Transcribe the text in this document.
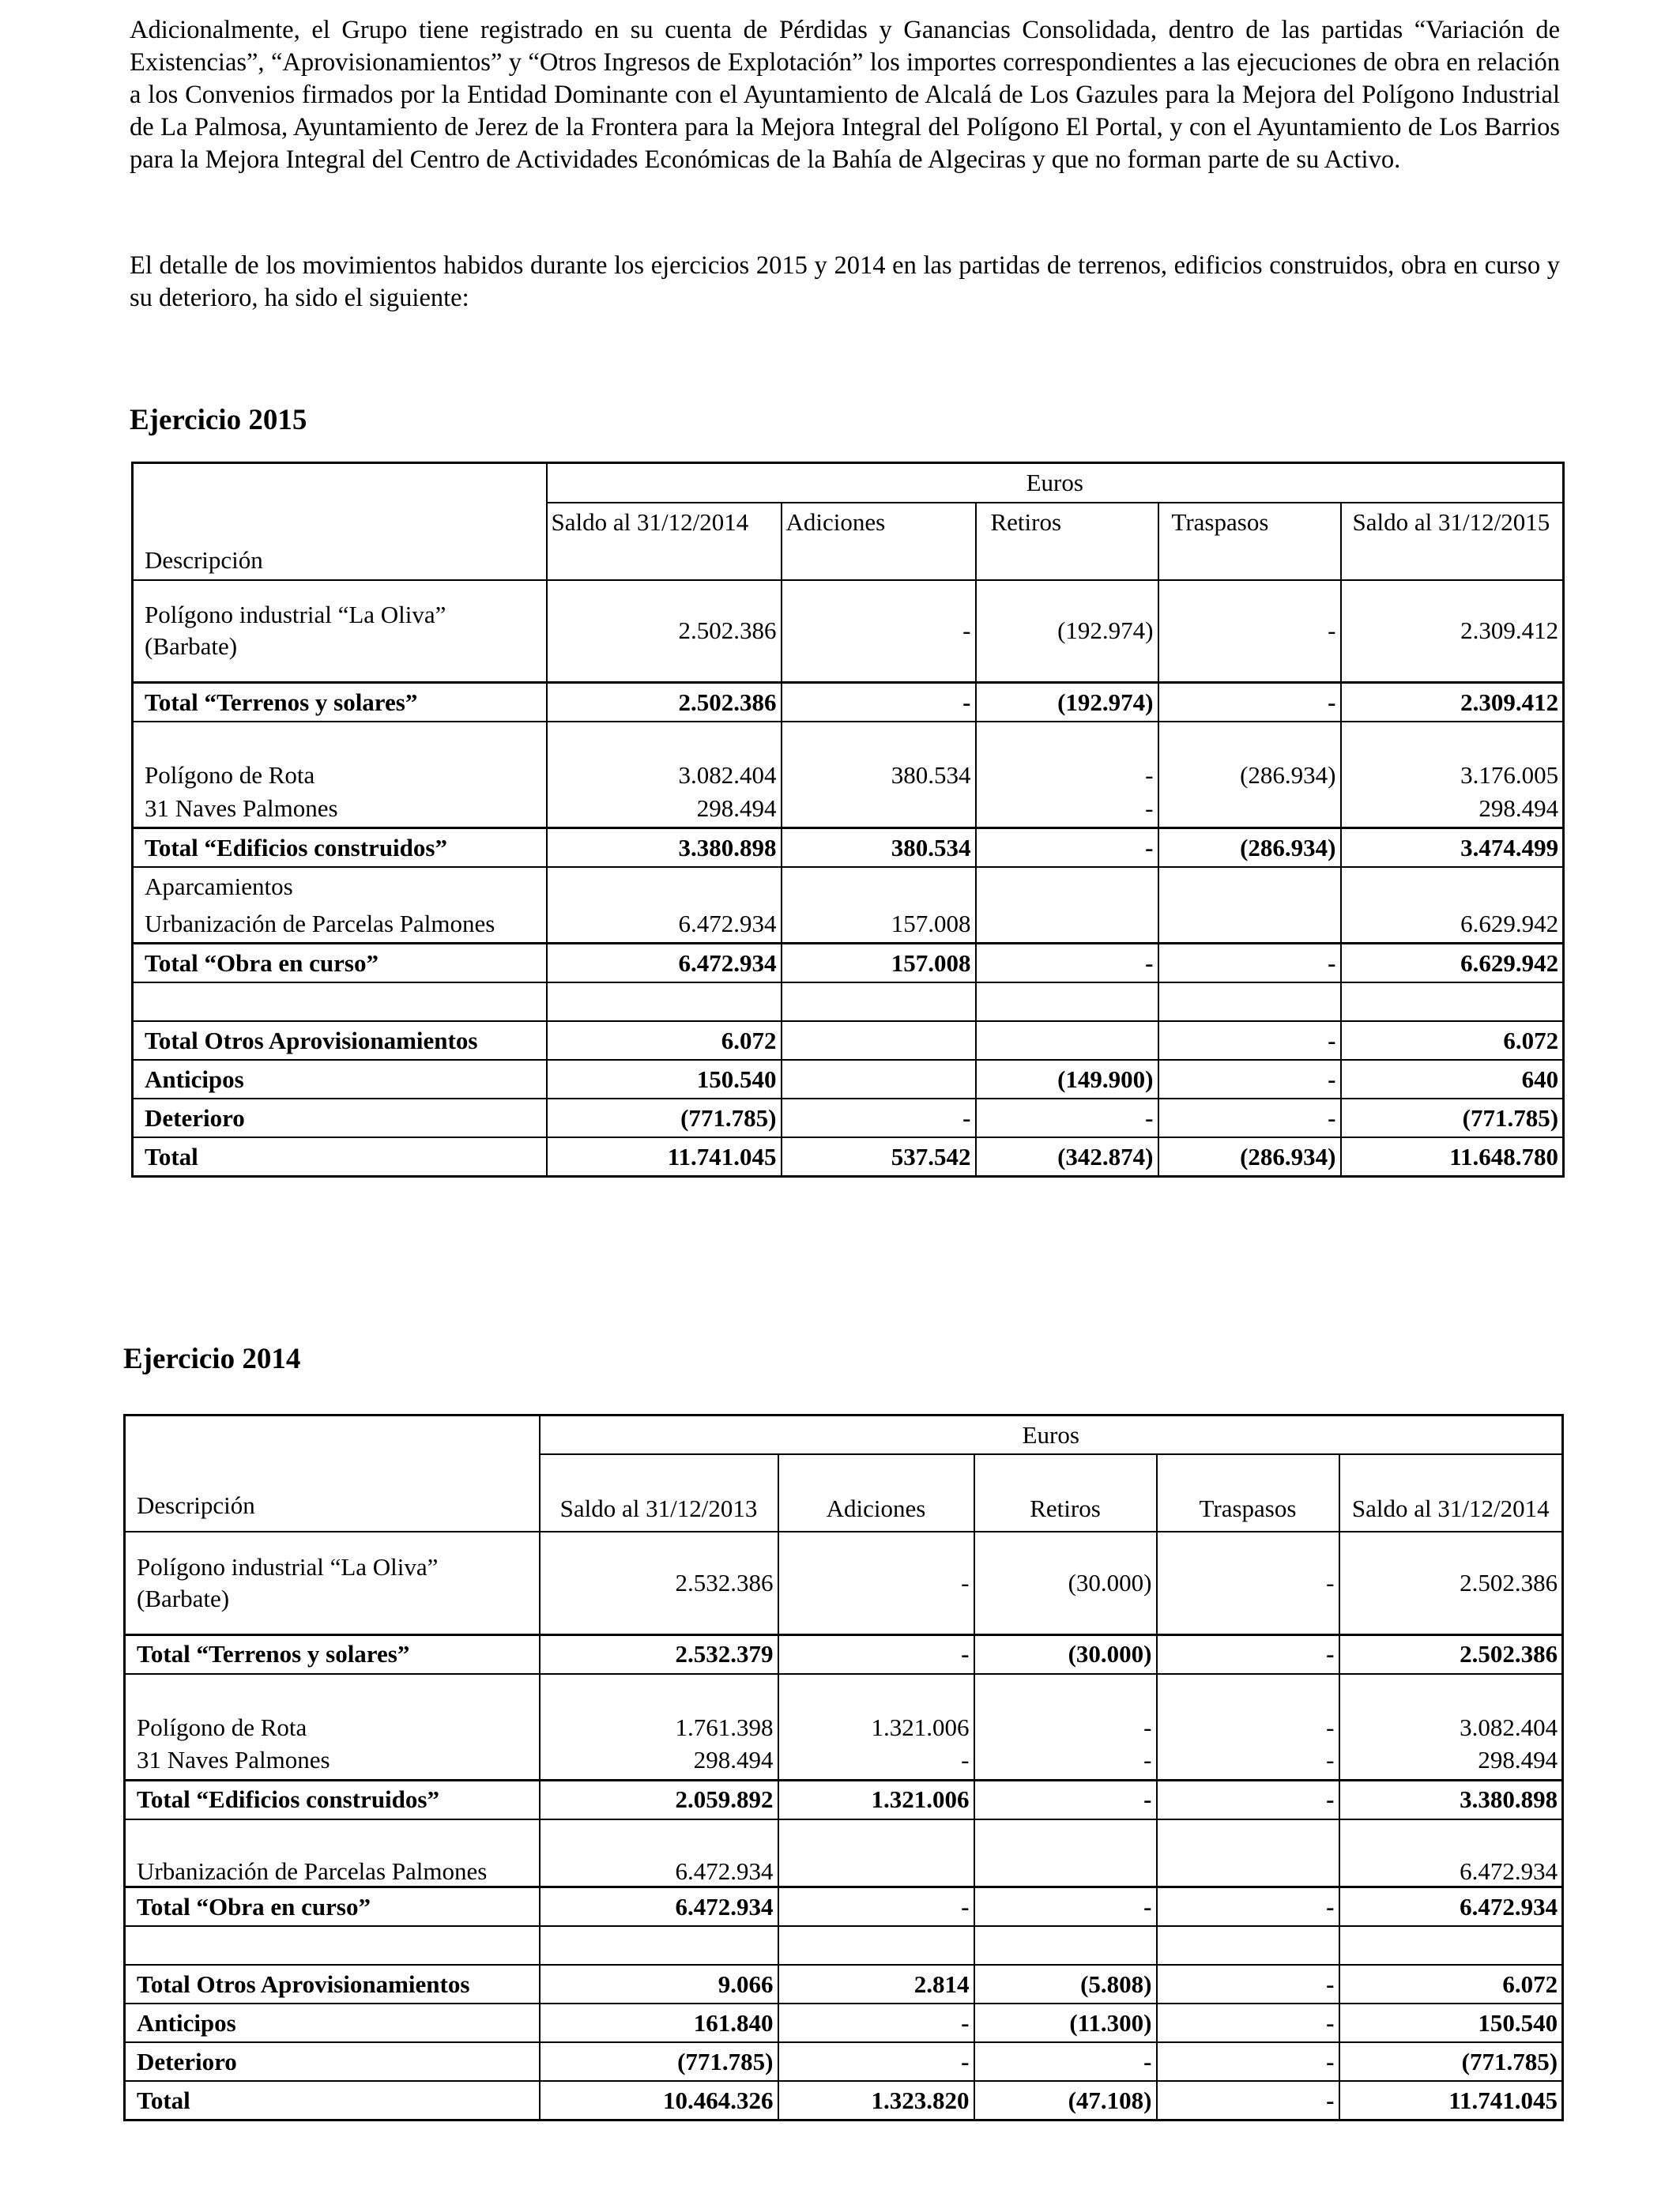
Adicionalmente, el Grupo tiene registrado en su cuenta de Pérdidas y Ganancias Consolidada, dentro de las partidas “Variación de Existencias”, “Aprovisionamientos” y “Otros Ingresos de Explotación” los importes correspondientes a las ejecuciones de obra en relación a los Convenios firmados por la Entidad Dominante con el Ayuntamiento de Alcalá de Los Gazules para la Mejora del Polígono Industrial de La Palmosa, Ayuntamiento de Jerez de la Frontera para la Mejora Integral del Polígono El Portal, y con el Ayuntamiento de Los Barrios para la Mejora Integral del Centro de Actividades Económicas de la Bahía de Algeciras y que no forman parte de su Activo.

El detalle de los movimientos habidos durante los ejercicios 2015 y 2014 en las partidas de terrenos, edificios construidos, obra en curso y su deterioro, ha sido el siguiente:

Ejercicio 2015
Descripción	Euros				
	Saldo al 31/12/2014	Adiciones	Retiros	Traspasos	Saldo al 31/12/2015
Polígono industrial “La Oliva” (Barbate)	2.502.386	-	(192.974)	-	2.309.412
Total “Terrenos y solares”	2.502.386	-	(192.974)	-	2.309.412
Polígono de Rota	3.082.404	380.534	-	(286.934)	3.176.005
31 Naves Palmones	298.494		-		298.494
Total “Edificios construidos”	3.380.898	380.534	-	(286.934)	3.474.499
Aparcamientos					
Urbanización de Parcelas Palmones	6.472.934	157.008			6.629.942
Total “Obra en curso”	6.472.934	157.008	-	-	6.629.942

Total Otros Aprovisionamientos	6.072			-	6.072
Anticipos	150.540		(149.900)	-	640
Deterioro	(771.785)	-	-	-	(771.785)
Total	11.741.045	537.542	(342.874)	(286.934)	11.648.780
Ejercicio 2014
Descripción	Euros				
	Saldo al 31/12/2013	Adiciones	Retiros	Traspasos	Saldo al 31/12/2014
Polígono industrial “La Oliva” (Barbate)	2.532.386	-	(30.000)	-	2.502.386
Total “Terrenos y solares”	2.532.379	-	(30.000)	-	2.502.386
Polígono de Rota	1.761.398	1.321.006	-	-	3.082.404
31 Naves Palmones	298.494	-	-	-	298.494
Total “Edificios construidos”	2.059.892	1.321.006	-	-	3.380.898
Urbanización de Parcelas Palmones	6.472.934				6.472.934
Total “Obra en curso”	6.472.934	-	-	-	6.472.934

Total Otros Aprovisionamientos	9.066	2.814	(5.808)	-	6.072
Anticipos	161.840	-	(11.300)	-	150.540
Deterioro	(771.785)	-	-	-	(771.785)
Total	10.464.326	1.323.820	(47.108)	-	11.741.045
